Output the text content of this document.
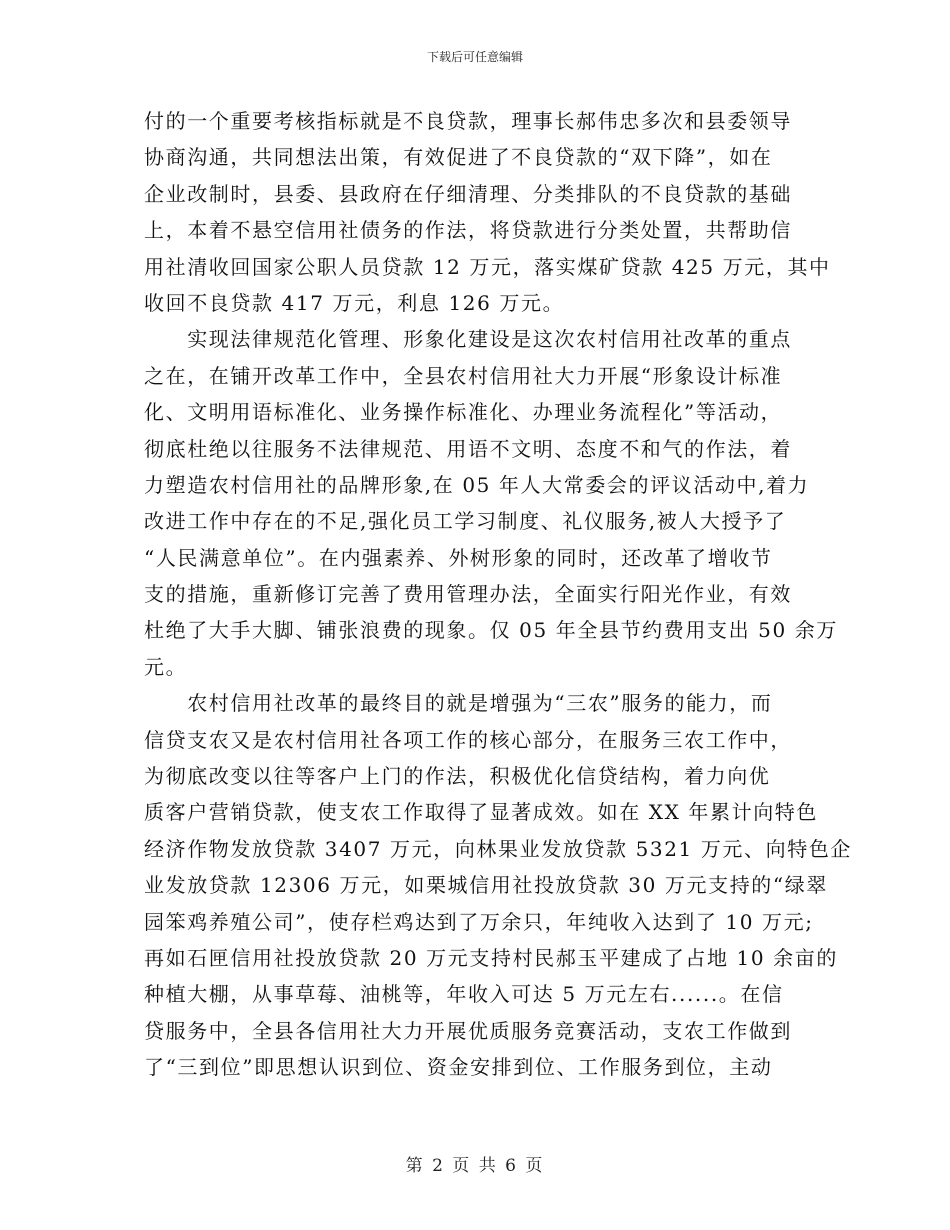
下载后可任意编辑
付的一个重要考核指标就是不良贷款，理事长郝伟忠多次和县委领导
协商沟通，共同想法出策，有效促进了不良贷款的“双下降”，如在
企业改制时，县委、县政府在仔细清理、分类排队的不良贷款的基础
上，本着不悬空信用社债务的作法，将贷款进行分类处置，共帮助信
用社清收回国家公职人员贷款 12 万元，落实煤矿贷款 425 万元，其中
收回不良贷款 417 万元，利息 126 万元。
　　实现法律规范化管理、形象化建设是这次农村信用社改革的重点
之在，在铺开改革工作中，全县农村信用社大力开展“形象设计标准
化、文明用语标准化、业务操作标准化、办理业务流程化”等活动，
彻底杜绝以往服务不法律规范、用语不文明、态度不和气的作法，着
力塑造农村信用社的品牌形象,在 05 年人大常委会的评议活动中,着力
改进工作中存在的不足,强化员工学习制度、礼仪服务,被人大授予了
“人民满意单位”。在内强素养、外树形象的同时，还改革了增收节
支的措施，重新修订完善了费用管理办法，全面实行阳光作业，有效
杜绝了大手大脚、铺张浪费的现象。仅 05 年全县节约费用支出 50 余万
元。
　　农村信用社改革的最终目的就是增强为“三农”服务的能力，而
信贷支农又是农村信用社各项工作的核心部分，在服务三农工作中，
为彻底改变以往等客户上门的作法，积极优化信贷结构，着力向优
质客户营销贷款，使支农工作取得了显著成效。如在 XX 年累计向特色
经济作物发放贷款 3407 万元，向林果业发放贷款 5321 万元、向特色企
业发放贷款 12306 万元，如栗城信用社投放贷款 30 万元支持的“绿翠
园笨鸡养殖公司”，使存栏鸡达到了万余只，年纯收入达到了 10 万元;
再如石匣信用社投放贷款 20 万元支持村民郝玉平建成了占地 10 余亩的
种植大棚，从事草莓、油桃等，年收入可达 5 万元左右......。在信
贷服务中，全县各信用社大力开展优质服务竞赛活动，支农工作做到
了“三到位”即思想认识到位、资金安排到位、工作服务到位，主动
第 2 页 共 6 页
